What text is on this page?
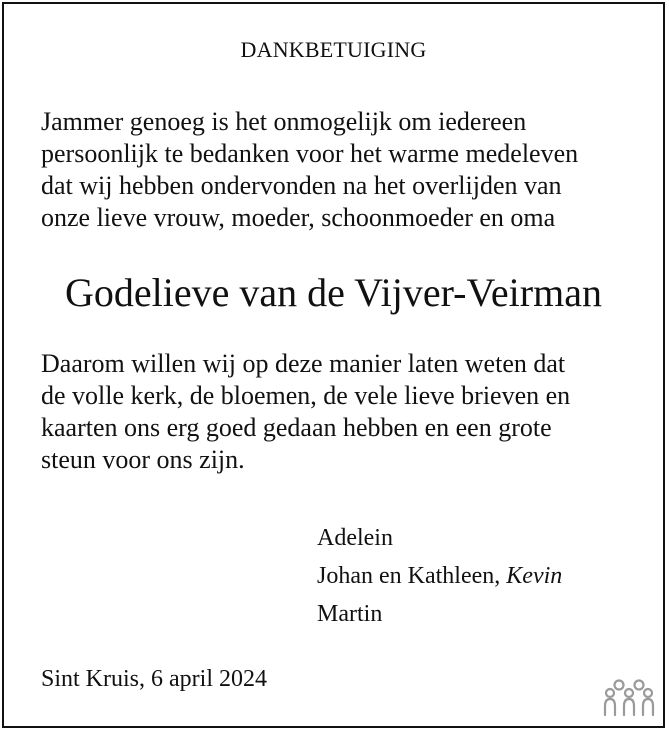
DANKBETUIGING
Jammer genoeg is het onmogelijk om iedereen
persoonlijk te bedanken voor het warme medeleven
dat wij hebben ondervonden na het overlijden van
onze lieve vrouw, moeder, schoonmoeder en oma
Godelieve van de Vijver-Veirman
Daarom willen wij op deze manier laten weten dat
de volle kerk, de bloemen, de vele lieve brieven en
kaarten ons erg goed gedaan hebben en een grote
steun voor ons zijn.
Adelein
Johan en Kathleen, Kevin
Martin
Sint Kruis, 6 april 2024
